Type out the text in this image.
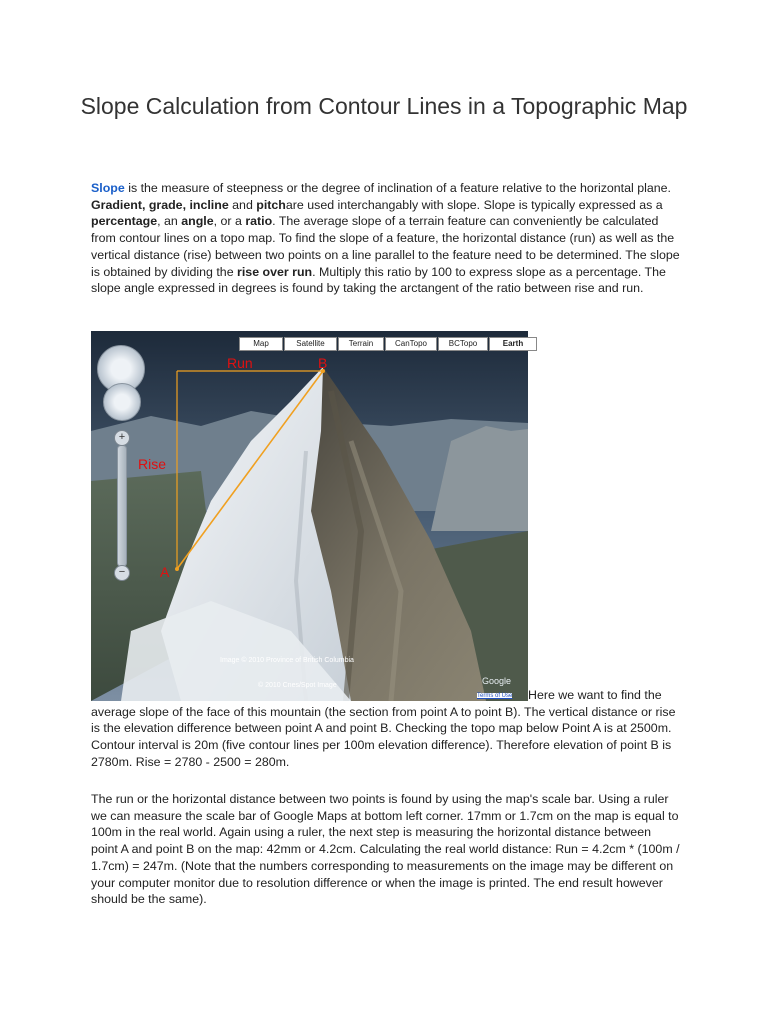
Slope Calculation from Contour Lines in a Topographic Map

Slope is the measure of steepness or the degree of inclination of a feature relative to the horizontal plane. Gradient, grade, incline and pitchare used interchangably with slope. Slope is typically expressed as a percentage, an angle, or a ratio. The average slope of a terrain feature can conveniently be calculated from contour lines on a topo map. To find the slope of a feature, the horizontal distance (run) as well as the vertical distance (rise) between two points on a line parallel to the feature need to be determined. The slope is obtained by dividing the rise over run. Multiply this ratio by 100 to express slope as a percentage. The slope angle expressed in degrees is found by taking the arctangent of the ratio between rise and run.

+
−
Map	Satellite	Terrain	CanTopo	BCTopo	Earth
Run	B
Rise
A
Image © 2010 Province of British Columbia
© 2010 Cnes/Spot Image	Google
Terms of Use	Here we want to find the average slope of the face of this mountain (the section from point A to point B). The vertical distance or rise is the elevation difference between point A and point B. Checking the topo map below Point A is at 2500m. Contour interval is 20m (five contour lines per 100m elevation difference). Therefore elevation of point B is 2780m. Rise = 2780 - 2500 = 280m.

The run or the horizontal distance between two points is found by using the map's scale bar. Using a ruler we can measure the scale bar of Google Maps at bottom left corner. 17mm or 1.7cm on the map is equal to 100m in the real world. Again using a ruler, the next step is measuring the horizontal distance between point A and point B on the map: 42mm or 4.2cm. Calculating the real world distance: Run = 4.2cm * (100m / 1.7cm) = 247m. (Note that the numbers corresponding to measurements on the image may be different on your computer monitor due to resolution difference or when the image is printed. The end result however should be the same).
